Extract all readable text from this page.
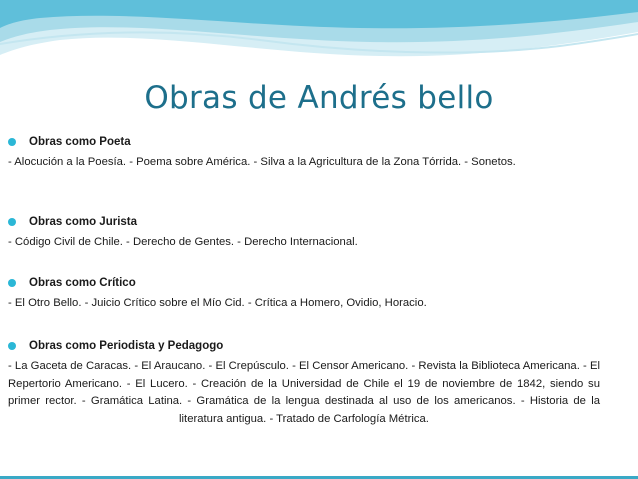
Obras de Andrés bello
Obras como Poeta
- Alocución a la Poesía. - Poema sobre América. - Silva a la Agricultura de la Zona Tórrida. - Sonetos.
Obras como Jurista
- Código Civil de Chile. - Derecho de Gentes. - Derecho Internacional.
Obras como Crítico
- El Otro Bello. - Juicio Crítico sobre el Mío Cid. - Crítica a Homero, Ovidio, Horacio.
Obras como Periodista y Pedagogo
- La Gaceta de Caracas. - El Araucano. - El Crepúsculo. - El Censor Americano. - Revista la Biblioteca Americana. - El Repertorio Americano. - El Lucero. - Creación de la Universidad de Chile el 19 de noviembre de 1842, siendo su primer rector. - Gramática Latina. - Gramática de la lengua destinada al uso de los americanos. - Historia de la literatura antigua. - Tratado de Carfología Métrica.
